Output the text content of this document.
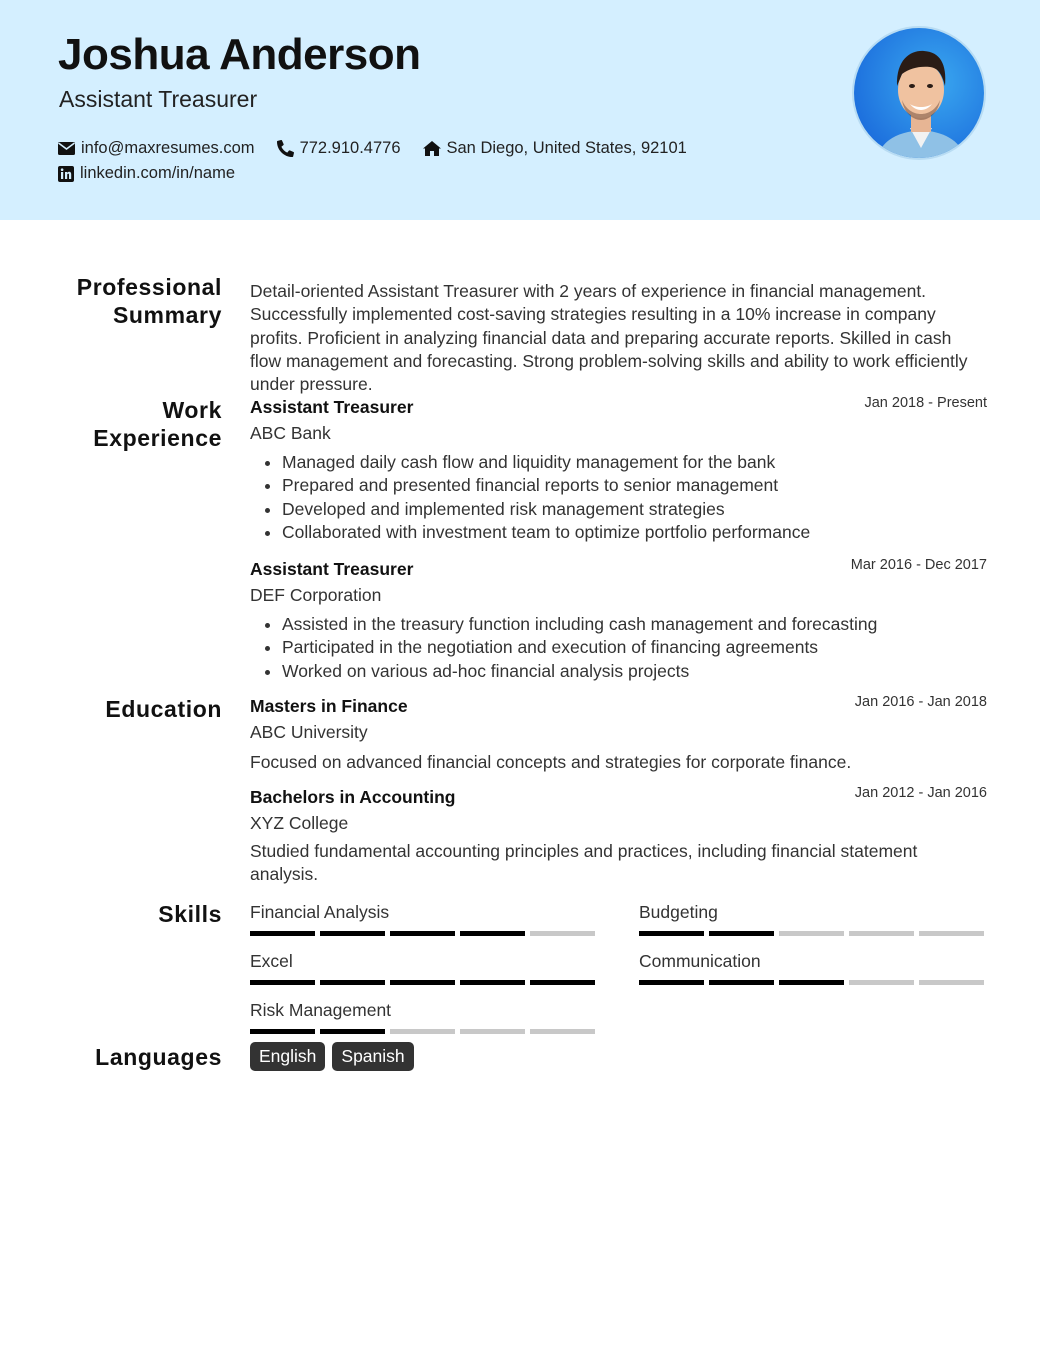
Joshua Anderson
Assistant Treasurer
info@maxresumes.com	772.910.4776	San Diego, United States, 92101
linkedin.com/in/name
Professional
Summary
Detail-oriented Assistant Treasurer with 2 years of experience in financial management. Successfully implemented cost-saving strategies resulting in a 10% increase in company profits. Proficient in analyzing financial data and preparing accurate reports. Skilled in cash flow management and forecasting. Strong problem-solving skills and ability to work efficiently under pressure.
Work
Experience
Assistant Treasurer	Jan 2018 - Present
ABC Bank
• Managed daily cash flow and liquidity management for the bank
• Prepared and presented financial reports to senior management
• Developed and implemented risk management strategies
• Collaborated with investment team to optimize portfolio performance
Assistant Treasurer	Mar 2016 - Dec 2017
DEF Corporation
• Assisted in the treasury function including cash management and forecasting
• Participated in the negotiation and execution of financing agreements
• Worked on various ad-hoc financial analysis projects
Education Masters in Finance	Jan 2016 - Jan 2018
ABC University
Focused on advanced financial concepts and strategies for corporate finance.
Bachelors in Accounting	Jan 2012 - Jan 2016
XYZ College
Studied fundamental accounting principles and practices, including financial statement analysis.
Skills Financial Analysis	Budgeting
Excel	Communication
Risk Management
Languages	English	Spanish
